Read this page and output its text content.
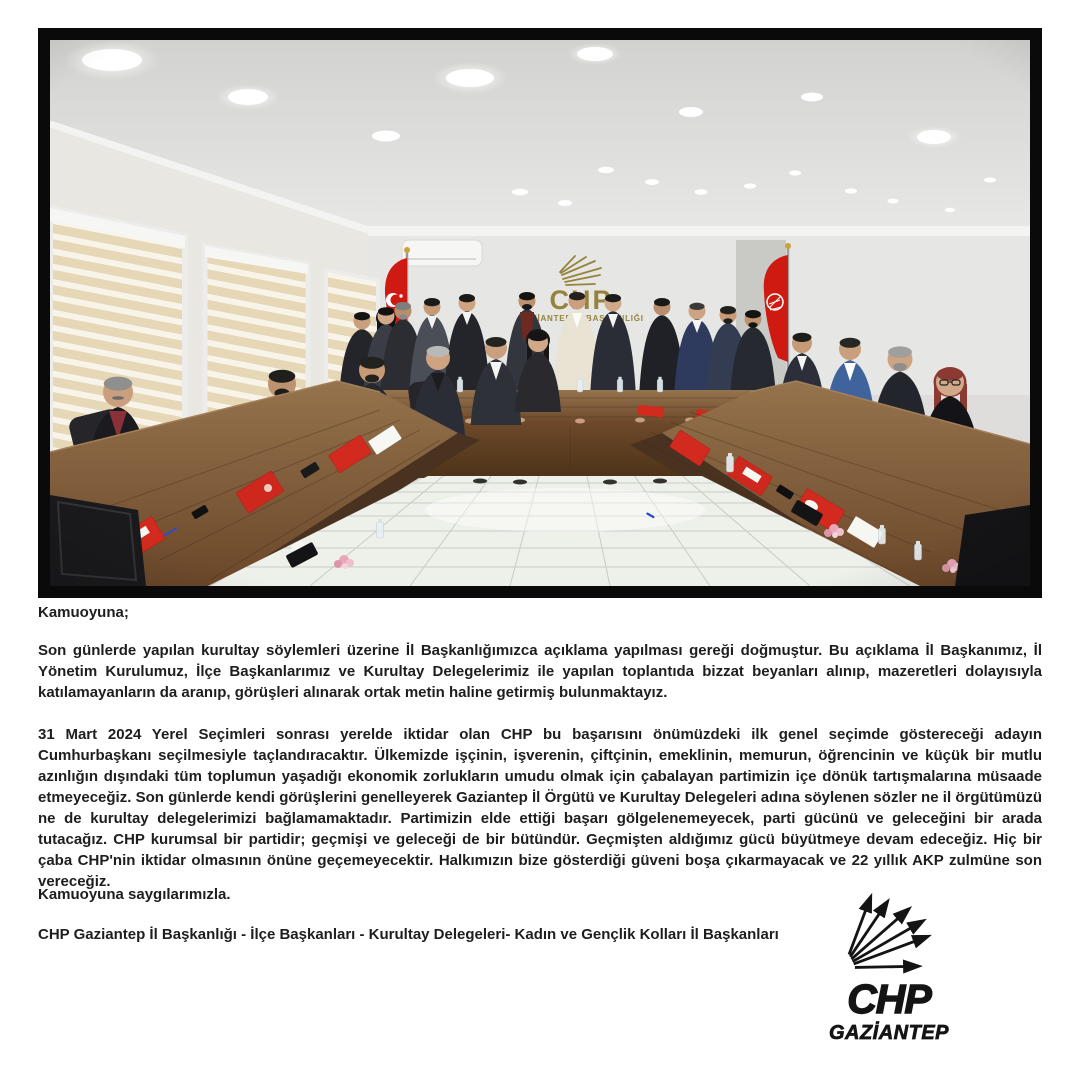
Kamuoyuna;

Son günlerde yapılan kurultay söylemleri üzerine İl Başkanlığımızca açıklama yapılması gereği doğmuştur. Bu açıklama İl Başkanımız, İl Yönetim Kurulumuz, İlçe Başkanlarımız ve Kurultay Delegelerimiz ile yapılan toplantıda bizzat beyanları alınıp, mazeretleri dolayısıyla katılamayanların da aranıp, görüşleri alınarak ortak metin haline getirmiş bulunmaktayız.

31 Mart 2024 Yerel Seçimleri sonrası yerelde iktidar olan CHP bu başarısını önümüzdeki ilk genel seçimde göstereceği adayın Cumhurbaşkanı seçilmesiyle taçlandıracaktır. Ülkemizde işçinin, işverenin, çiftçinin, emeklinin, memurun, öğrencinin ve küçük bir mutlu azınlığın dışındaki tüm toplumun yaşadığı ekonomik zorlukların umudu olmak için çabalayan partimizin içe dönük tartışmalarına müsaade etmeyeceğiz. Son günlerde kendi görüşlerini genelleyerek Gaziantep İl Örgütü ve Kurultay Delegeleri adına söylenen sözler ne il örgütümüzü ne de kurultay delegelerimizi bağlamamaktadır. Partimizin elde ettiği başarı gölgelenemeyecek, parti gücünü ve geleceğini bir arada tutacağız. CHP kurumsal bir partidir; geçmişi ve geleceği de bir bütündür. Geçmişten aldığımız gücü büyütmeye devam edeceğiz. Hiç bir çaba CHP'nin iktidar olmasının önüne geçemeyecektir. Halkımızın bize gösterdiği güveni boşa çıkarmayacak ve 22 yıllık AKP zulmüne son vereceğiz.

Kamuoyuna saygılarımızla.

CHP Gaziantep İl Başkanlığı - İlçe Başkanları - Kurultay Delegeleri- Kadın ve Gençlik Kolları İl Başkanları

CHP
GAZİANTEP
